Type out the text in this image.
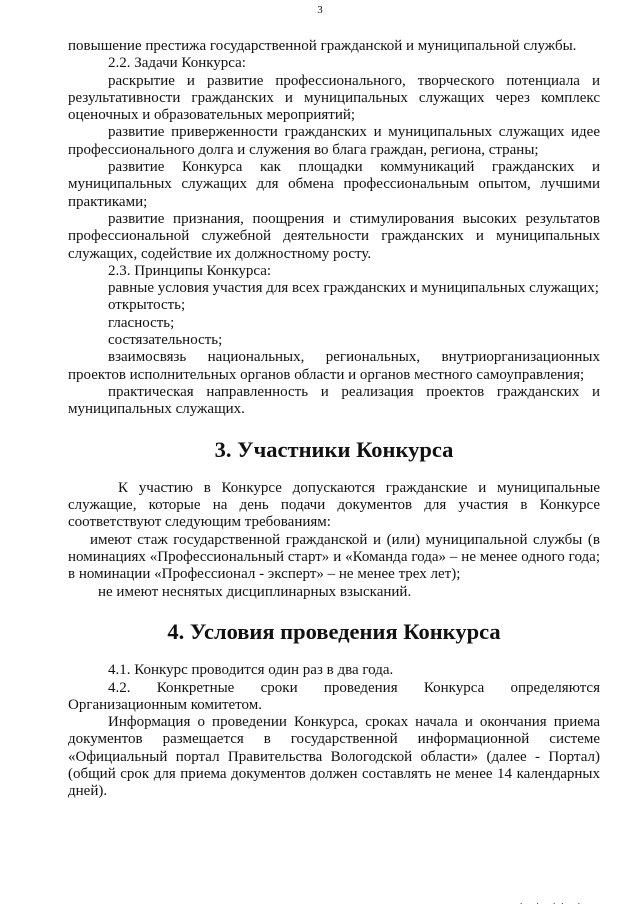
3

повышение престижа государственной гражданской и муниципальной службы.

2.2. Задачи Конкурса:

раскрытие и развитие профессионального, творческого потенциала и результативности гражданских и муниципальных служащих через комплекс оценочных и образовательных мероприятий;

развитие приверженности гражданских и муниципальных служащих идее профессионального долга и служения во блага граждан, региона, страны;

развитие Конкурса как площадки коммуникаций гражданских и муниципальных служащих для обмена профессиональным опытом, лучшими практиками;

развитие признания, поощрения и стимулирования высоких результатов профессиональной служебной деятельности гражданских и муниципальных служащих, содействие их должностному росту.

2.3. Принципы Конкурса:

равные условия участия для всех гражданских и муниципальных служащих;

открытость;

гласность;

состязательность;

взаимосвязь национальных, региональных, внутриорганизационных проектов исполнительных органов области и органов местного самоуправления;

практическая направленность и реализация проектов гражданских и муниципальных служащих.

3. Участники Конкурса

К участию в Конкурсе допускаются гражданские и муниципальные служащие, которые на день подачи документов для участия в Конкурсе соответствуют следующим требованиям:

имеют стаж государственной гражданской и (или) муниципальной службы (в номинациях «Профессиональный старт» и «Команда года» – не менее одного года; в номинации «Профессионал - эксперт» – не менее трех лет);

не имеют неснятых дисциплинарных взысканий.

4. Условия проведения Конкурса

4.1. Конкурс проводится один раз в два года.

4.2. Конкретные сроки проведения Конкурса определяются Организационным комитетом.

Информация о проведении Конкурса, сроках начала и окончания приема документов размещается в государственной информационной системе «Официальный портал Правительства Вологодской области» (далее - Портал) (общий срок для приема документов должен составлять не менее 14 календарных дней).

. . .. .
